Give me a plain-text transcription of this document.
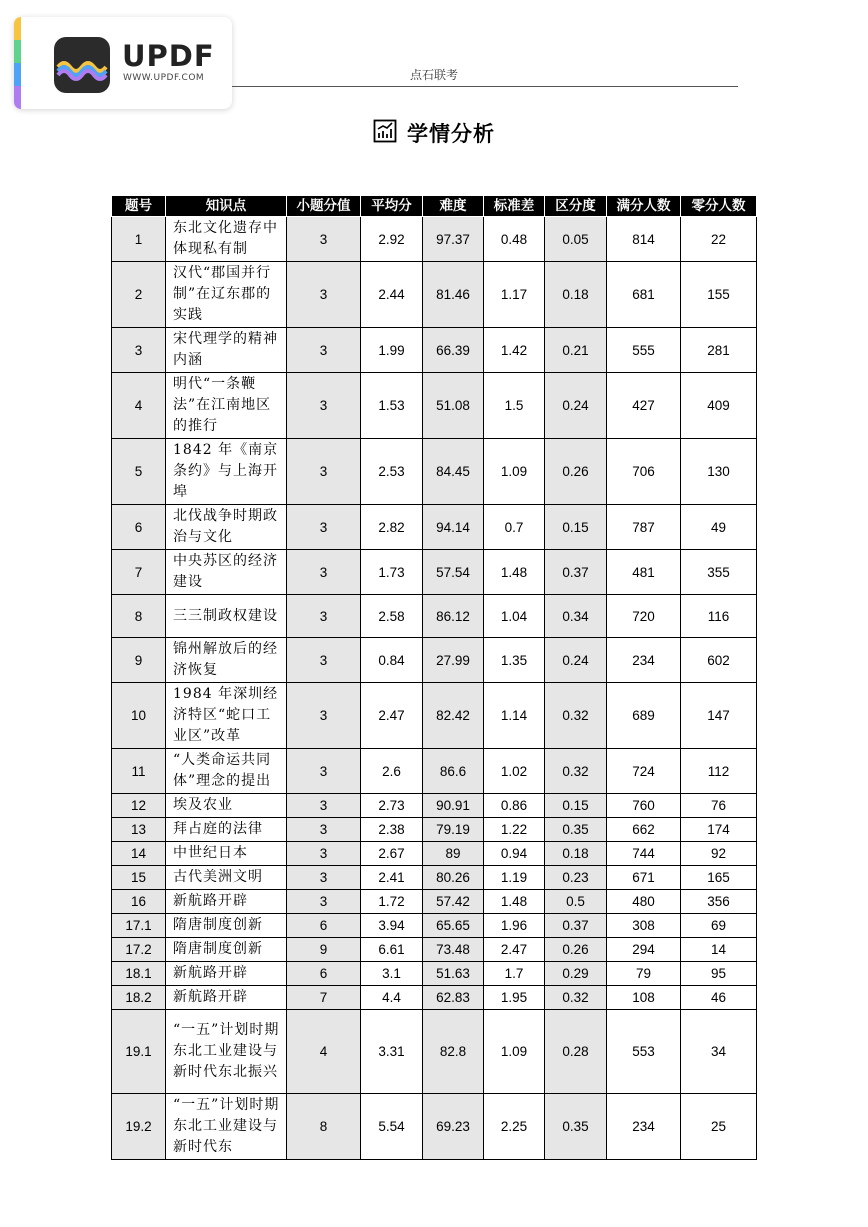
UPDF
WWW.UPDF.COM	点石联考
学情分析
题号	知识点	小题分值	平均分	难度	标准差	区分度	满分人数	零分人数
1	东北文化遗存中体现私有制	3	2.92	97.37	0.48	0.05	814	22
2	汉代“郡国并行制”在辽东郡的实践	3	2.44	81.46	1.17	0.18	681	155
3	宋代理学的精神内涵	3	1.99	66.39	1.42	0.21	555	281
4	明代“一条鞭法”在江南地区的推行	3	1.53	51.08	1.5	0.24	427	409
5	1842 年《南京条约》与上海开埠	3	2.53	84.45	1.09	0.26	706	130
6	北伐战争时期政治与文化	3	2.82	94.14	0.7	0.15	787	49
7	中央苏区的经济建设	3	1.73	57.54	1.48	0.37	481	355
8	三三制政权建设	3	2.58	86.12	1.04	0.34	720	116
9	锦州解放后的经济恢复	3	0.84	27.99	1.35	0.24	234	602
10	1984 年深圳经济特区“蛇口工业区”改革	3	2.47	82.42	1.14	0.32	689	147
11	“人类命运共同体”理念的提出	3	2.6	86.6	1.02	0.32	724	112
12	埃及农业	3	2.73	90.91	0.86	0.15	760	76
13	拜占庭的法律	3	2.38	79.19	1.22	0.35	662	174
14	中世纪日本	3	2.67	89	0.94	0.18	744	92
15	古代美洲文明	3	2.41	80.26	1.19	0.23	671	165
16	新航路开辟	3	1.72	57.42	1.48	0.5	480	356
17.1	隋唐制度创新	6	3.94	65.65	1.96	0.37	308	69
17.2	隋唐制度创新	9	6.61	73.48	2.47	0.26	294	14
18.1	新航路开辟	6	3.1	51.63	1.7	0.29	79	95
18.2	新航路开辟	7	4.4	62.83	1.95	0.32	108	46
19.1	“一五”计划时期东北工业建设与新时代东北振兴	4	3.31	82.8	1.09	0.28	553	34
19.2	“一五”计划时期东北工业建设与新时代东	8	5.54	69.23	2.25	0.35	234	25
